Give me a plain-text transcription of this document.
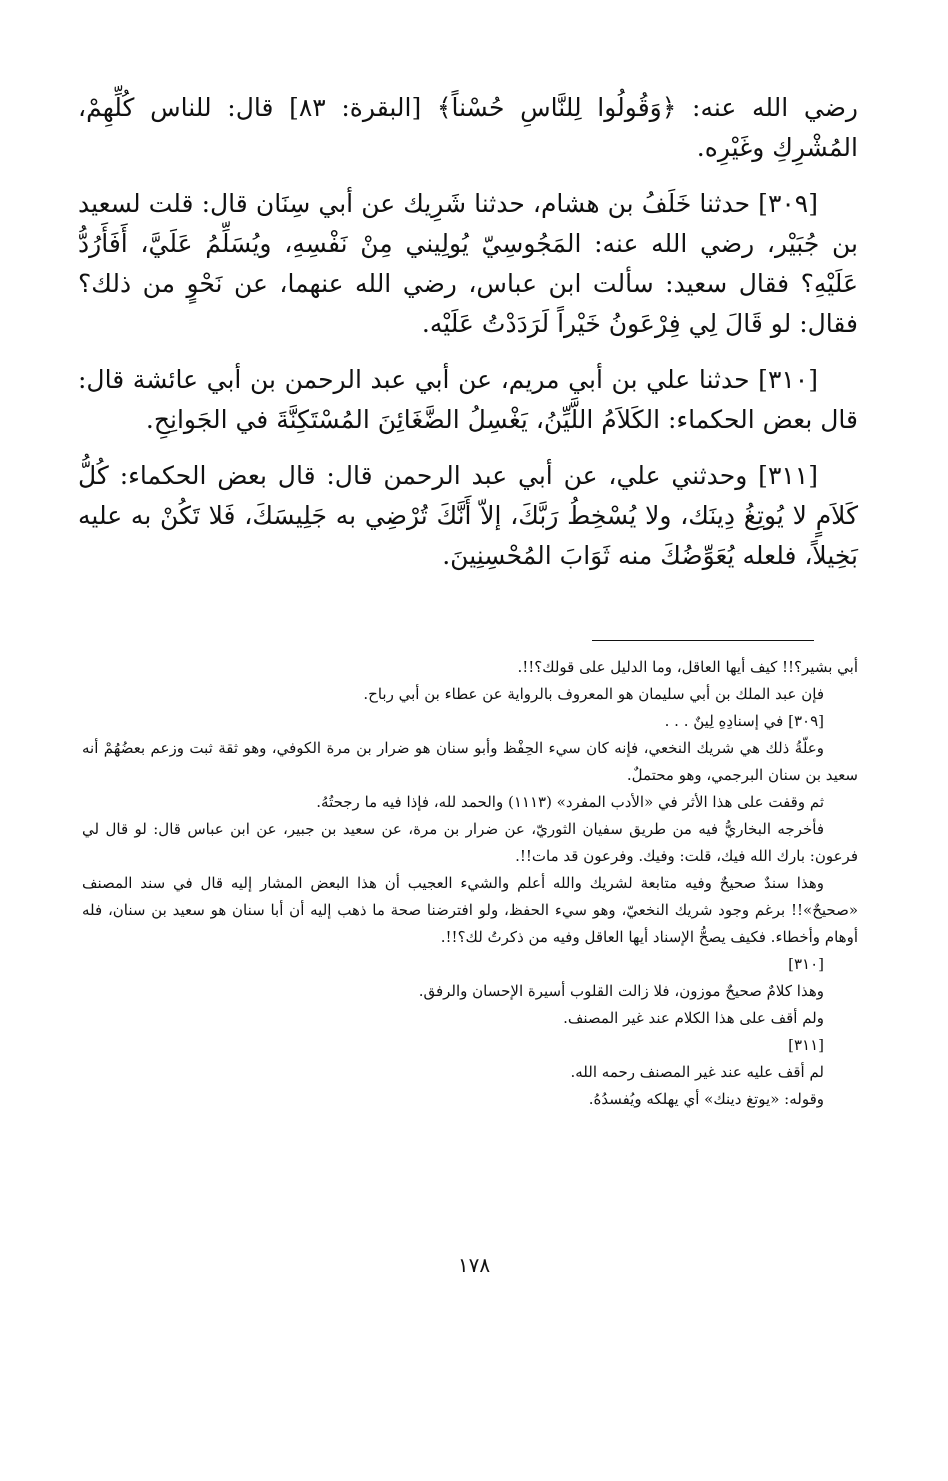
رضي الله عنه: ﴿وَقُولُوا لِلنَّاسِ حُسْناً﴾ [البقرة: ٨٣] قال: للناس كُلِّهِمْ، المُشْرِكِ وغَيْرِه.

[٣٠٩] حدثنا خَلَفُ بن هشام، حدثنا شَرِيك عن أبي سِنَان قال: قلت لسعيد بن جُبَيْر، رضي الله عنه: المَجُوسِيّ يُولِيني مِنْ نَفْسِهِ، ويُسَلِّمُ عَلَيَّ، أَفَأَرُدُّ عَلَيْهِ؟ فقال سعيد: سألت ابن عباس، رضي الله عنهما، عن نَحْوٍ من ذلك؟ فقال: لو قَالَ لِي فِرْعَونُ خَيْراً لَرَدَدْتُ عَلَيْه.

[٣١٠] حدثنا علي بن أبي مريم، عن أبي عبد الرحمن بن أبي عائشة قال: قال بعض الحكماء: الكَلاَمُ اللَّيِّنُ، يَغْسِلُ الضَّغَائِنَ المُسْتَكِنَّةَ في الجَوانِحِ.

[٣١١] وحدثني علي، عن أبي عبد الرحمن قال: قال بعض الحكماء: كُلُّ كَلاَمٍ لا يُوتِغُ دِينَك، ولا يُسْخِطُ رَبَّكَ، إلاّ أَنَّكَ تُرْضِي به جَلِيسَكَ، فَلا تَكُنْ به عليه بَخِيلاً، فلعله يُعَوِّضُكَ منه ثَوَابَ المُحْسِنِينَ.

أبي بشير؟!! كيف أيها العاقل، وما الدليل على قولك؟!!.

فإن عبد الملك بن أبي سليمان هو المعروف بالرواية عن عطاء بن أبي رباح.

[٣٠٩] في إسنادِهِ لِينٌ . . .

وعلّةُ ذلك هي شريك النخعي، فإنه كان سيء الحِفْظ وأبو سنان هو ضرار بن مرة الكوفي، وهو ثقة ثبت وزعم بعضُهُمْ أنه سعيد بن سنان البرجمي، وهو محتملٌ.

ثم وقفت على هذا الأثر في «الأدب المفرد» (١١١٣) والحمد لله، فإذا فيه ما رجحتُهُ.

فأخرجه البخاريُّ فيه من طريق سفيان الثوريّ، عن ضرار بن مرة، عن سعيد بن جبير، عن ابن عباس قال: لو قال لي فرعون: بارك الله فيك، قلت: وفيك. وفرعون قد مات!!.

وهذا سندٌ صحيحٌ وفيه متابعة لشريك والله أعلم والشيء العجيب أن هذا البعض المشار إليه قال في سند المصنف «صحيحٌ»!! برغم وجود شريك النخعيّ، وهو سيء الحفظ، ولو افترضنا صحة ما ذهب إليه أن أبا سنان هو سعيد بن سنان، فله أوهام وأخطاء. فكيف يصحُّ الإسناد أيها العاقل وفيه من ذكرتُ لك؟!!.

[٣١٠]

وهذا كلامٌ صحيحٌ موزون، فلا زالت القلوب أسيرة الإحسان والرفق.

ولم أقف على هذا الكلام عند غير المصنف.

[٣١١]

لم أقف عليه عند غير المصنف رحمه الله.

وقوله: «يوتغ دينك» أي يهلكه ويُفسدُهُ.

١٧٨
